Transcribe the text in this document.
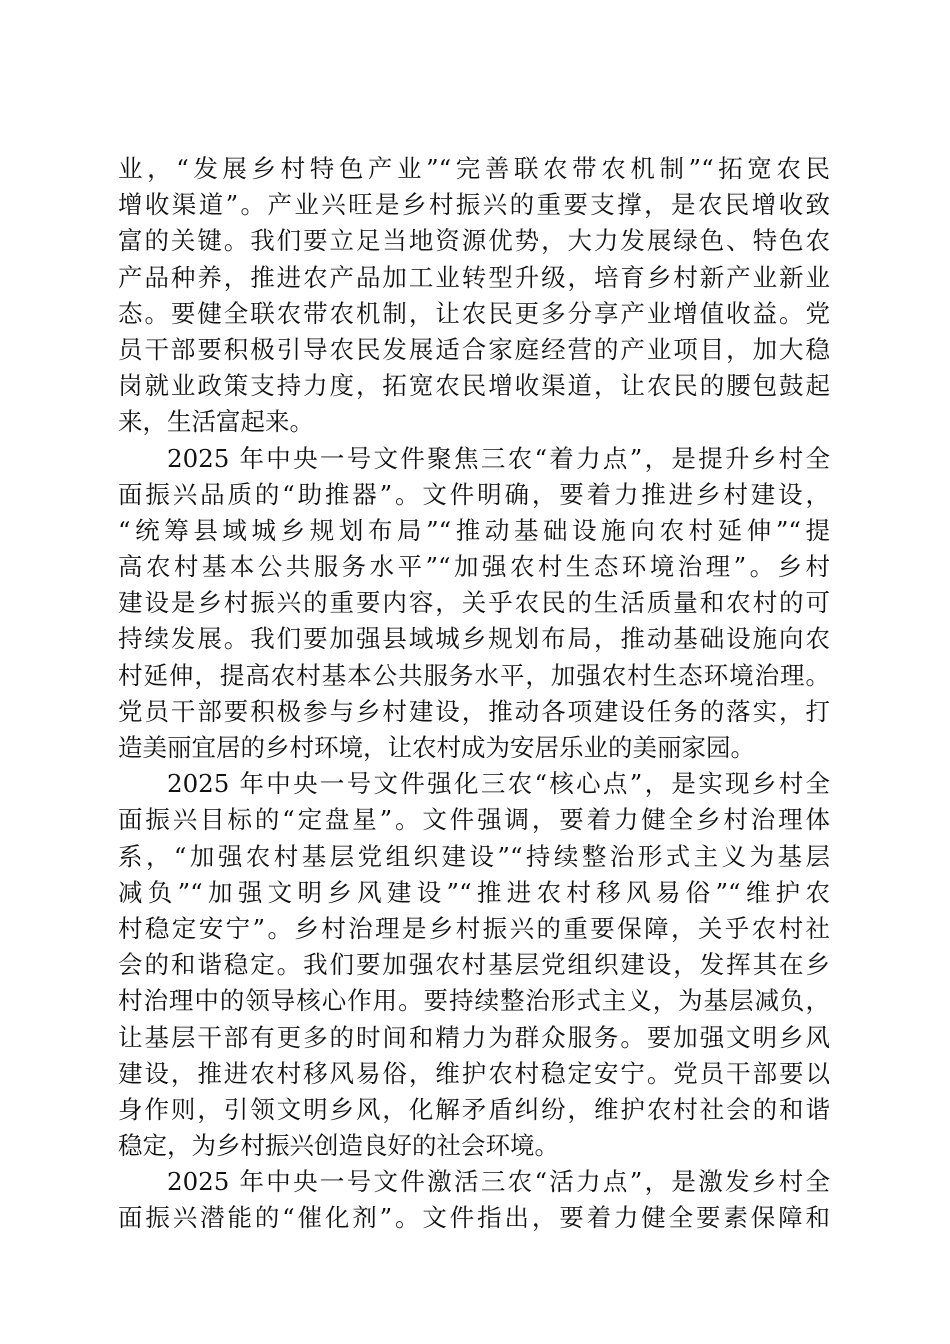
业，“发展乡村特色产业”“完善联农带农机制”“拓宽农民
增收渠道”。产业兴旺是乡村振兴的重要支撑，是农民增收致
富的关键。我们要立足当地资源优势，大力发展绿色、特色农
产品种养，推进农产品加工业转型升级，培育乡村新产业新业
态。要健全联农带农机制，让农民更多分享产业增值收益。党
员干部要积极引导农民发展适合家庭经营的产业项目，加大稳
岗就业政策支持力度，拓宽农民增收渠道，让农民的腰包鼓起
来，生活富起来。
2025 年中央一号文件聚焦三农“着力点”，是提升乡村全
面振兴品质的“助推器”。文件明确，要着力推进乡村建设，
“统筹县域城乡规划布局”“推动基础设施向农村延伸”“提
高农村基本公共服务水平”“加强农村生态环境治理”。乡村
建设是乡村振兴的重要内容，关乎农民的生活质量和农村的可
持续发展。我们要加强县域城乡规划布局，推动基础设施向农
村延伸，提高农村基本公共服务水平，加强农村生态环境治理。
党员干部要积极参与乡村建设，推动各项建设任务的落实，打
造美丽宜居的乡村环境，让农村成为安居乐业的美丽家园。
2025 年中央一号文件强化三农“核心点”，是实现乡村全
面振兴目标的“定盘星”。文件强调，要着力健全乡村治理体
系，“加强农村基层党组织建设”“持续整治形式主义为基层
减负”“加强文明乡风建设”“推进农村移风易俗”“维护农
村稳定安宁”。乡村治理是乡村振兴的重要保障，关乎农村社
会的和谐稳定。我们要加强农村基层党组织建设，发挥其在乡
村治理中的领导核心作用。要持续整治形式主义，为基层减负，
让基层干部有更多的时间和精力为群众服务。要加强文明乡风
建设，推进农村移风易俗，维护农村稳定安宁。党员干部要以
身作则，引领文明乡风，化解矛盾纠纷，维护农村社会的和谐
稳定，为乡村振兴创造良好的社会环境。
2025 年中央一号文件激活三农“活力点”，是激发乡村全
面振兴潜能的“催化剂”。文件指出，要着力健全要素保障和
